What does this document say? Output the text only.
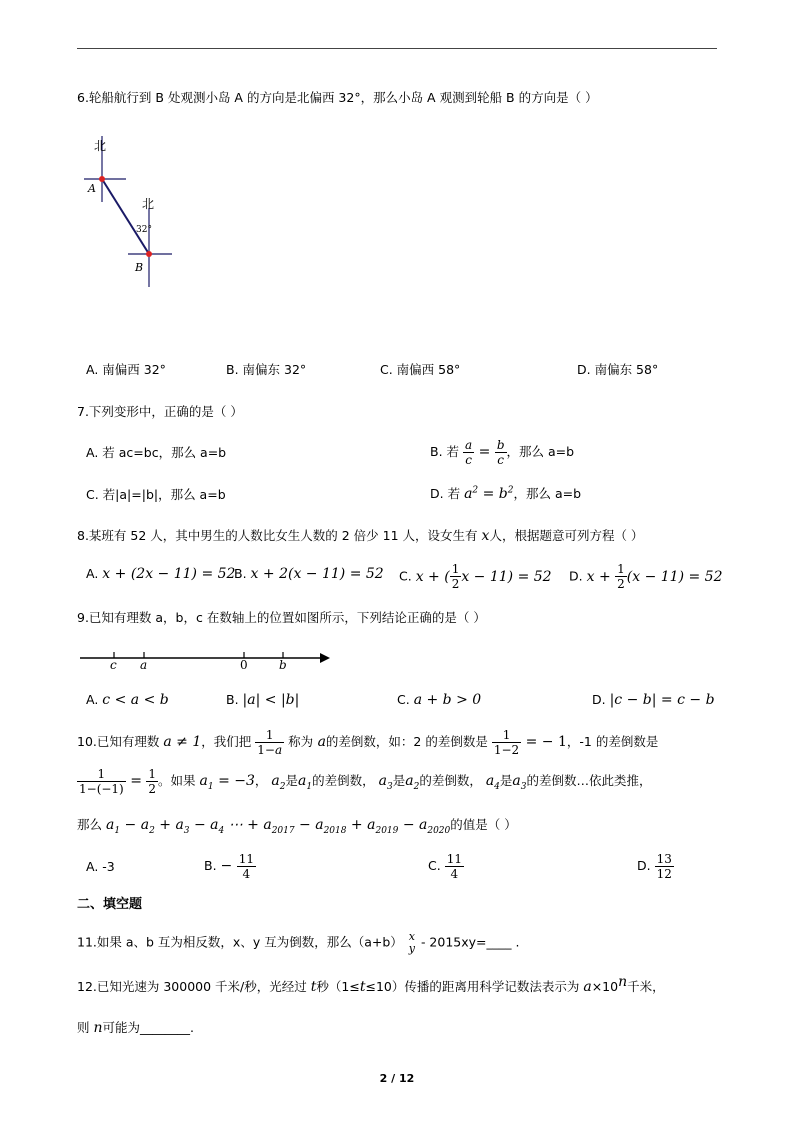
6.轮船航行到 B 处观测小岛 A 的方向是北偏西 32°，那么小岛 A 观测到轮船 B 的方向是（ ）
北
北
A
B
32°
A. 南偏西 32°	B. 南偏东 32°	C. 南偏西 58°	D. 南偏东 58°
7.下列变形中，正确的是（ ）
A. 若 ac=bc，那么 a=b	B. 若 $\frac{a}{c} = \frac{b}{c}$ ，那么 a=b
C. 若|a|=|b|，那么 a=b	D. 若 $a^2 = b^2$，那么 a=b
8.某班有 52 人，其中男生的人数比女生人数的 2 倍少 11 人，设女生有 x人，根据题意可列方程（ ）
A. x + (2x − 11) = 52
B. x + 2(x − 11) = 52 C. x + ( $\frac{1}{2}$ x − 11) = 52 D. $x + \frac{1}{2} (x - 11) = 52$
9.已知有理数 a，b，c 在数轴上的位置如图所示，下列结论正确的是（ ）
c a	0	b
A. c < a < b	B. |a| < |b|	C. a + b > 0	D. |c − b| = c − b
10.已知有理数 a ≠ 1，我们把 $\frac{1}{1-a}$ 称为 a的差倒数，如：2 的差倒数是 $\frac{1}{1-2}$ = − 1，-1 的差倒数是
$\frac{1}{1-(-1)} = \frac{1}{2}$ 。如果 $a_1 = -3$， $a_2$是$a_1$的差倒数， $a_3$是$a_2$的差倒数， $a_4$是$a_3$的差倒数…依此类推，
那么 $a_1 - a_2 + a_3 - a_4$ ⋯ + $a_{2017} - a_{2018} + a_{2019} - a_{2020}$的值是（ ）
A. -3	B. − $\frac{11}{4}$	C. $\frac{11}{4}$	D. $\frac{13}{12}$
二、填空题
11.如果 a、b 互为相反数，x、y 互为倒数，那么（a+b） x
y - 2015xy=____ .
12.已知光速为 300000 千米/秒，光经过 t秒（1≤t≤10）传播的距离用科学记数法表示为 $a\times 10^n$千米，
则 n可能为________.
2 / 12
